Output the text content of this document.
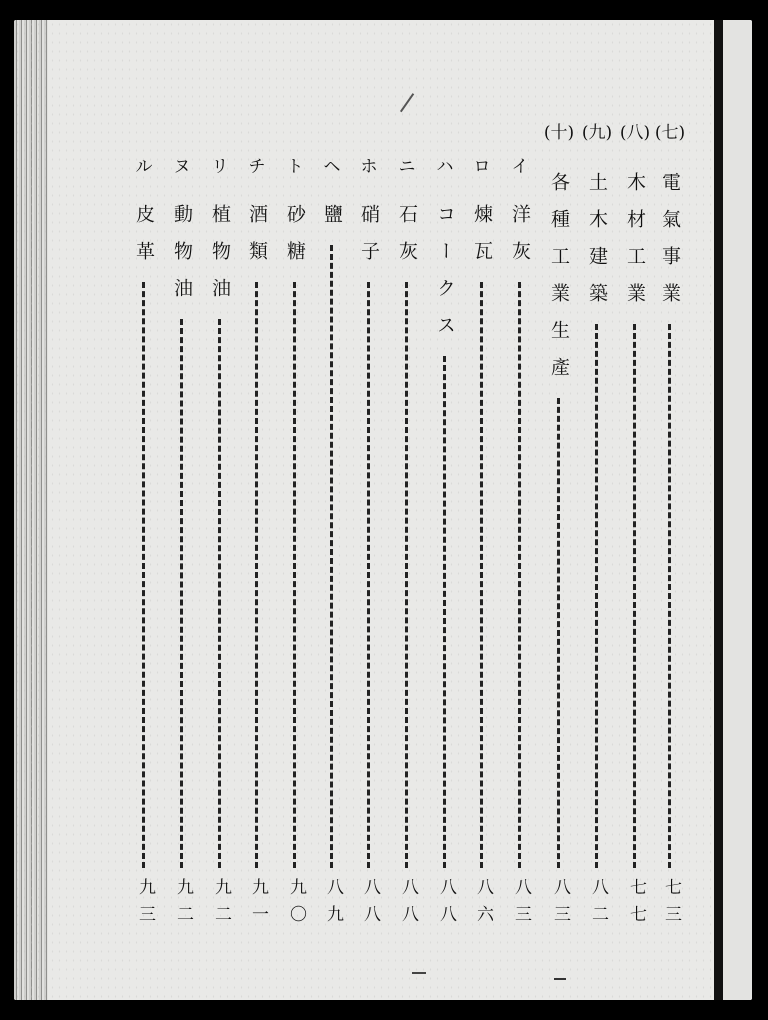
(七)
電氣事業
七三
(八)
木材工業
七七
(九)
土木建築
八二
(十)
各種工業生產
八三
イ
洋灰
八三
ロ
煉瓦
八六
ハ
コークス
八八
ニ
石灰
八八
ホ
硝子
八八
ヘ
鹽
八九
ト
砂糖
九〇
チ
酒類
九一
リ
植物油
九二
ヌ
動物油
九二
ル
皮革
九三
